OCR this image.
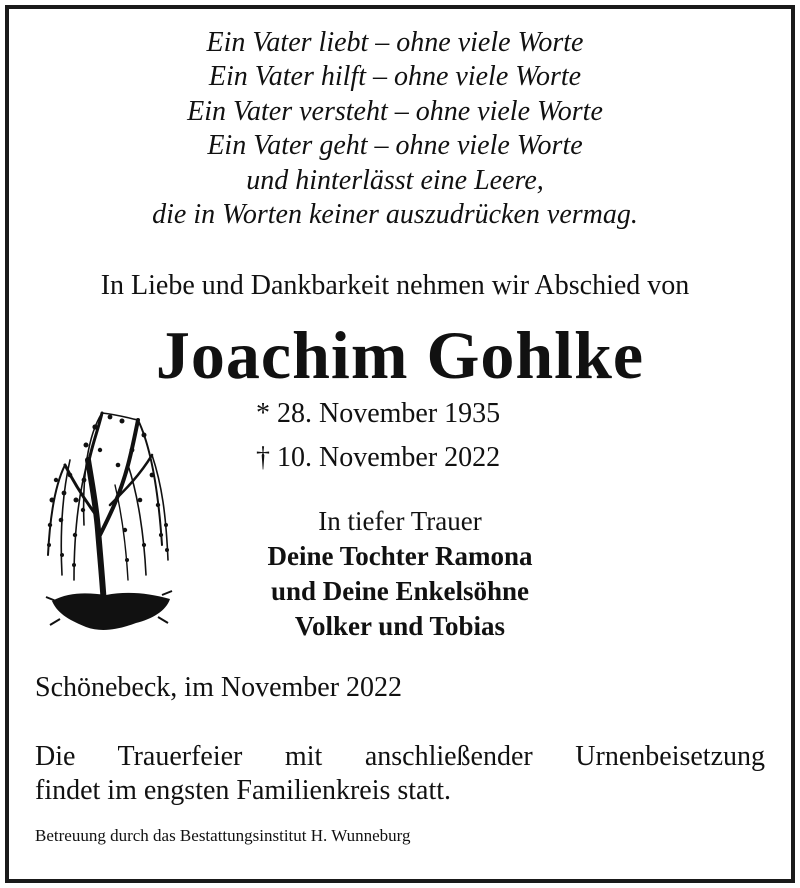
Ein Vater liebt – ohne viele Worte
Ein Vater hilft – ohne viele Worte
Ein Vater versteht – ohne viele Worte
Ein Vater geht – ohne viele Worte
und hinterlässt eine Leere,
die in Worten keiner auszudrücken vermag.
In Liebe und Dankbarkeit nehmen wir Abschied von
Joachim Gohlke
* 28. November 1935
† 10. November 2022
In tiefer Trauer
Deine Tochter Ramona
und Deine Enkelsöhne
Volker und Tobias
Schönebeck, im November 2022
Die Trauerfeier mit anschließender Urnenbeisetzung
findet im engsten Familienkreis statt.
Betreuung durch das Bestattungsinstitut H. Wunneburg
